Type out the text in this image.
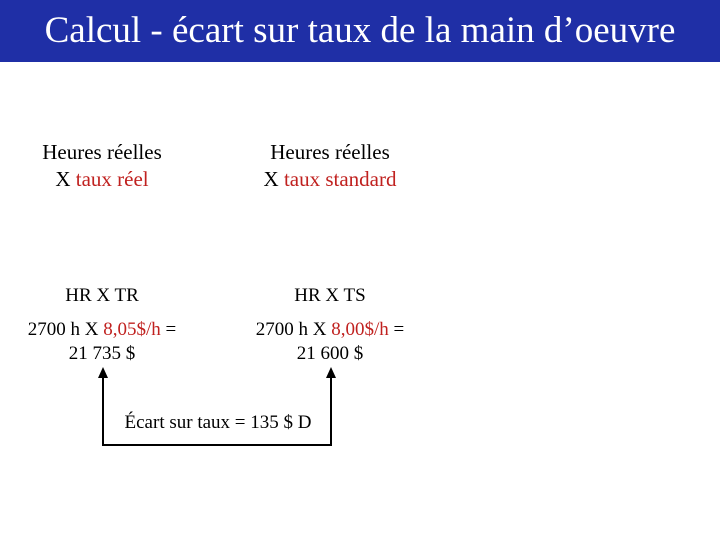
Calcul - écart sur taux de la main d’oeuvre
Heures réelles
X taux réel
HR X TR
2700 h X 8,05$/h =
21 735 $
Heures réelles
X taux standard
HR X TS
2700 h X 8,00$/h =
21 600 $
Écart sur taux = 135 $ D
